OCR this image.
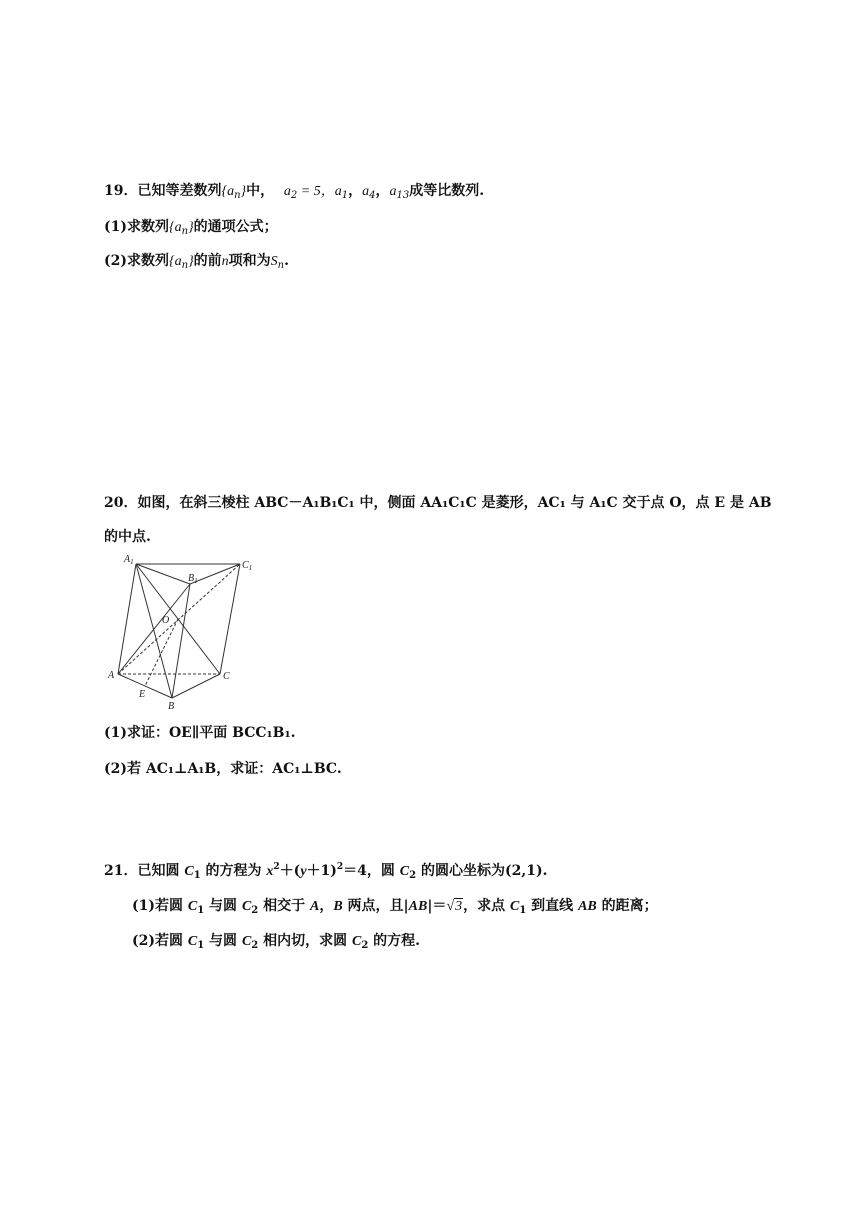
19．已知等差数列$\{a_n\}$中， $a_2 = 5$，$a_1$，$a_4$，$a_{13}$成等比数列.
(1)求数列$\{a_n\}$的通项公式；
(2)求数列$\{a_n\}$的前n项和为$S_n$.
20．如图，在斜三棱柱 ABC－A₁B₁C₁ 中，侧面 AA₁C₁C 是菱形，AC₁ 与 A₁C 交于点 O，点 E 是 AB
的中点.
$A_1$
$B_1$
$C_1$
O
A	C
E
B
(1)求证：OE∥平面 BCC₁B₁.
(2)若 AC₁⊥A₁B，求证：AC₁⊥BC.
21．已知圆 $C_1$ 的方程为 $x^2+(y+1)^2=4$，圆 $C_2$ 的圆心坐标为(2,1).
(1)若圆 $C_1$ 与圆 $C_2$ 相交于 A，B 两点，且|AB|＝√3，求点 $C_1$ 到直线 AB 的距离；
(2)若圆 $C_1$ 与圆 $C_2$ 相内切，求圆 $C_2$ 的方程.
